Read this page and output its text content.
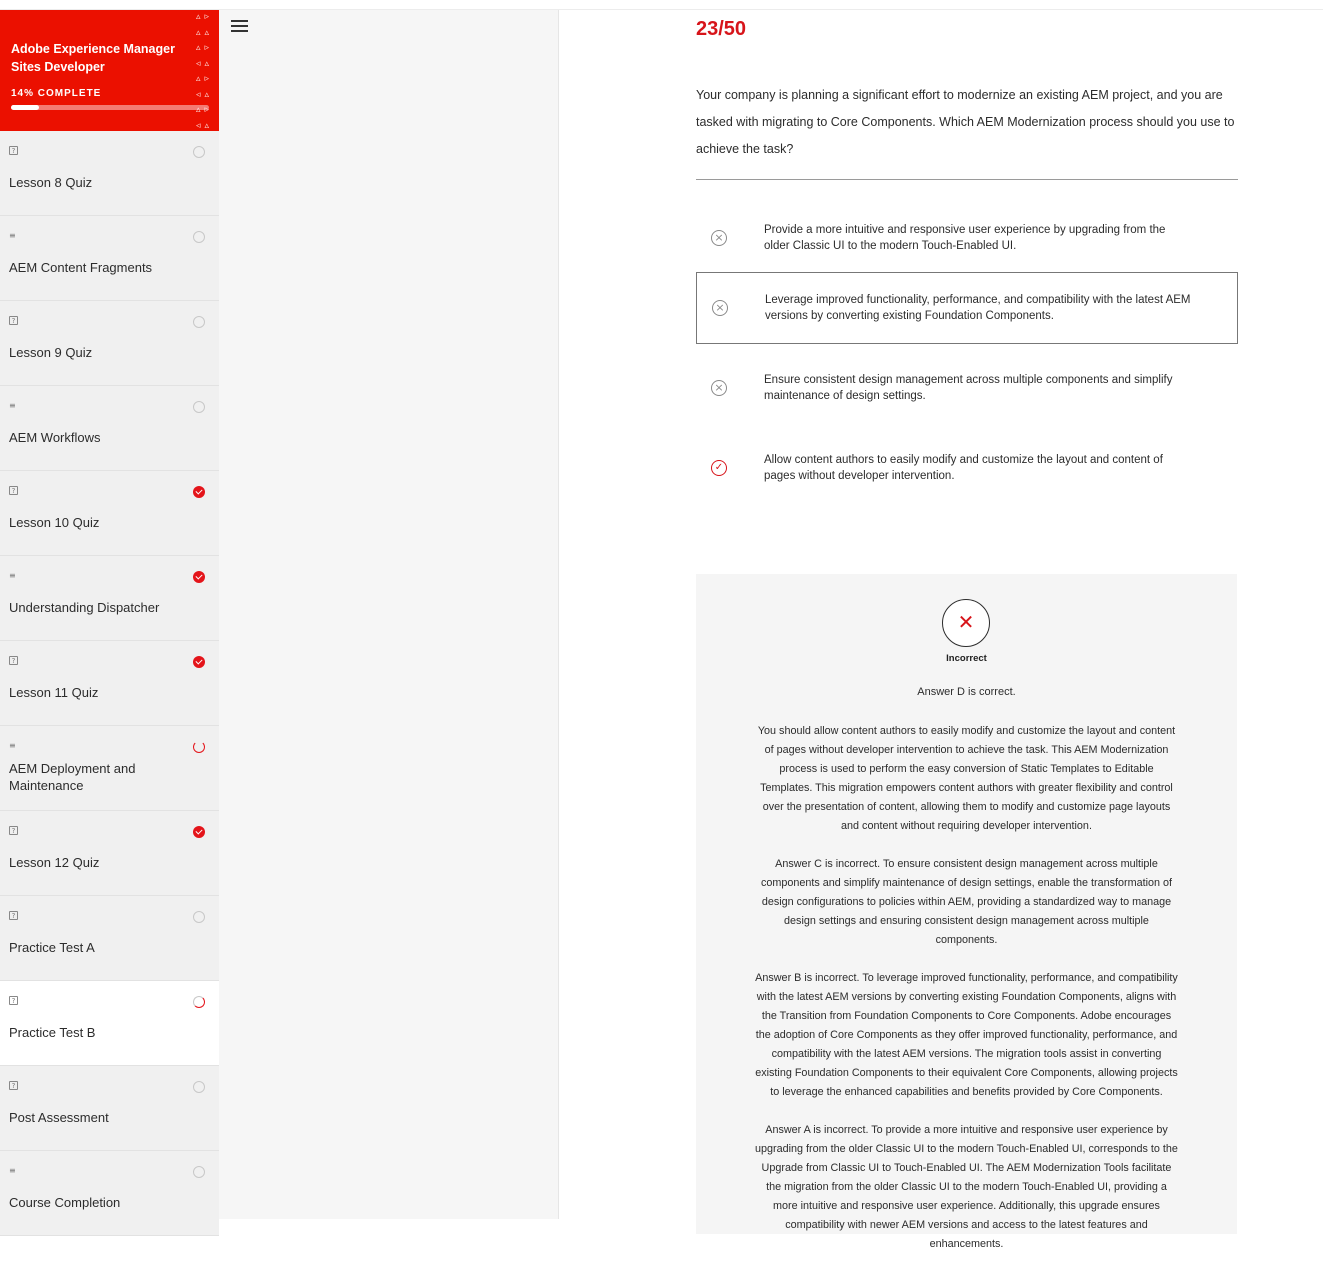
▵▹
▵▵
▵▹
◃▵
▵▹
◃▵
▵▹
◃▵
Adobe Experience Manager Sites Developer
14% COMPLETE
?
Lesson 8 Quiz
≡
AEM Content Fragments
?
Lesson 9 Quiz
≡
AEM Workflows
?
Lesson 10 Quiz
≡
Understanding Dispatcher
?
Lesson 11 Quiz
≡
AEM Deployment and Maintenance
?
Lesson 12 Quiz
?
Practice Test A
?
Practice Test B
?
Post Assessment
≡
Course Completion
23/50
Your company is planning a significant effort to modernize an existing AEM project, and you are tasked with migrating to Core Components. Which AEM Modernization process should you use to achieve the task?
×
Provide a more intuitive and responsive user experience by upgrading from the older Classic UI to the modern Touch-Enabled UI.
×
Leverage improved functionality, performance, and compatibility with the latest AEM versions by converting existing Foundation Components.
×
Ensure consistent design management across multiple components and simplify maintenance of design settings.
✓
Allow content authors to easily modify and customize the layout and content of pages without developer intervention.
✕
Incorrect
Answer D is correct.

You should allow content authors to easily modify and customize the layout and content of pages without developer intervention to achieve the task. This AEM Modernization process is used to perform the easy conversion of Static Templates to Editable Templates. This migration empowers content authors with greater flexibility and control over the presentation of content, allowing them to modify and customize page layouts and content without requiring developer intervention.

Answer C is incorrect. To ensure consistent design management across multiple components and simplify maintenance of design settings, enable the transformation of design configurations to policies within AEM, providing a standardized way to manage design settings and ensuring consistent design management across multiple components.

Answer B is incorrect. To leverage improved functionality, performance, and compatibility with the latest AEM versions by converting existing Foundation Components, aligns with the Transition from Foundation Components to Core Components. Adobe encourages the adoption of Core Components as they offer improved functionality, performance, and compatibility with the latest AEM versions. The migration tools assist in converting existing Foundation Components to their equivalent Core Components, allowing projects to leverage the enhanced capabilities and benefits provided by Core Components.

Answer A is incorrect. To provide a more intuitive and responsive user experience by upgrading from the older Classic UI to the modern Touch-Enabled UI, corresponds to the Upgrade from Classic UI to Touch-Enabled UI. The AEM Modernization Tools facilitate the migration from the older Classic UI to the modern Touch-Enabled UI, providing a more intuitive and responsive user experience. Additionally, this upgrade ensures compatibility with newer AEM versions and access to the latest features and enhancements.
